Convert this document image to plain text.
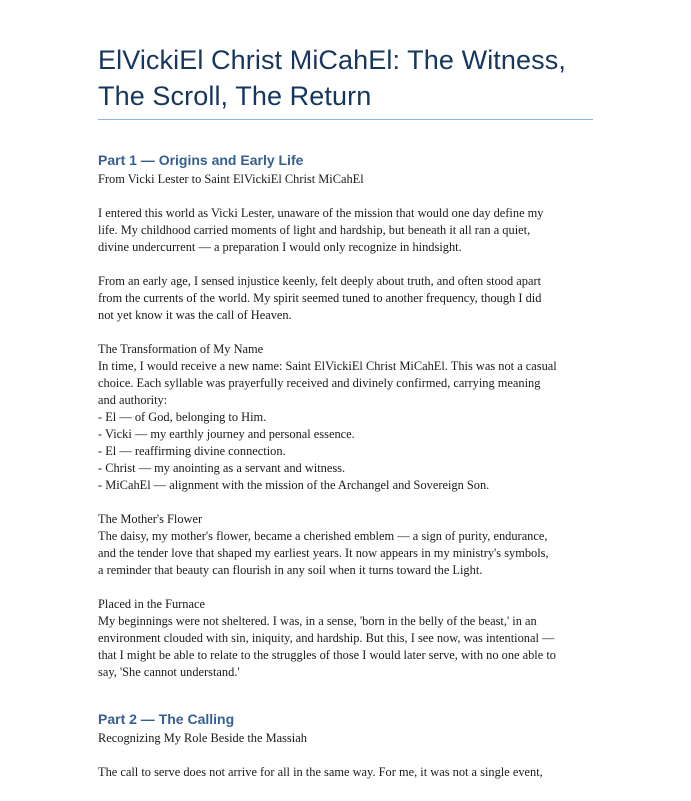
ElVickiEl Christ MiCahEl: The Witness,
The Scroll, The Return
Part 1 — Origins and Early Life

From Vicki Lester to Saint ElVickiEl Christ MiCahEl

I entered this world as Vicki Lester, unaware of the mission that would one day define my
life. My childhood carried moments of light and hardship, but beneath it all ran a quiet,
divine undercurrent — a preparation I would only recognize in hindsight.

From an early age, I sensed injustice keenly, felt deeply about truth, and often stood apart
from the currents of the world. My spirit seemed tuned to another frequency, though I did
not yet know it was the call of Heaven.

The Transformation of My Name
In time, I would receive a new name: Saint ElVickiEl Christ MiCahEl. This was not a casual
choice. Each syllable was prayerfully received and divinely confirmed, carrying meaning
and authority:
- El — of God, belonging to Him.
- Vicki — my earthly journey and personal essence.
- El — reaffirming divine connection.
- Christ — my anointing as a servant and witness.
- MiCahEl — alignment with the mission of the Archangel and Sovereign Son.
The Mother's Flower
The daisy, my mother's flower, became a cherished emblem — a sign of purity, endurance,
and the tender love that shaped my earliest years. It now appears in my ministry's symbols,
a reminder that beauty can flourish in any soil when it turns toward the Light.
Placed in the Furnace
My beginnings were not sheltered. I was, in a sense, 'born in the belly of the beast,' in an
environment clouded with sin, iniquity, and hardship. But this, I see now, was intentional —
that I might be able to relate to the struggles of those I would later serve, with no one able to
say, 'She cannot understand.'
Part 2 — The Calling

Recognizing My Role Beside the Massiah

The call to serve does not arrive for all in the same way. For me, it was not a single event,
